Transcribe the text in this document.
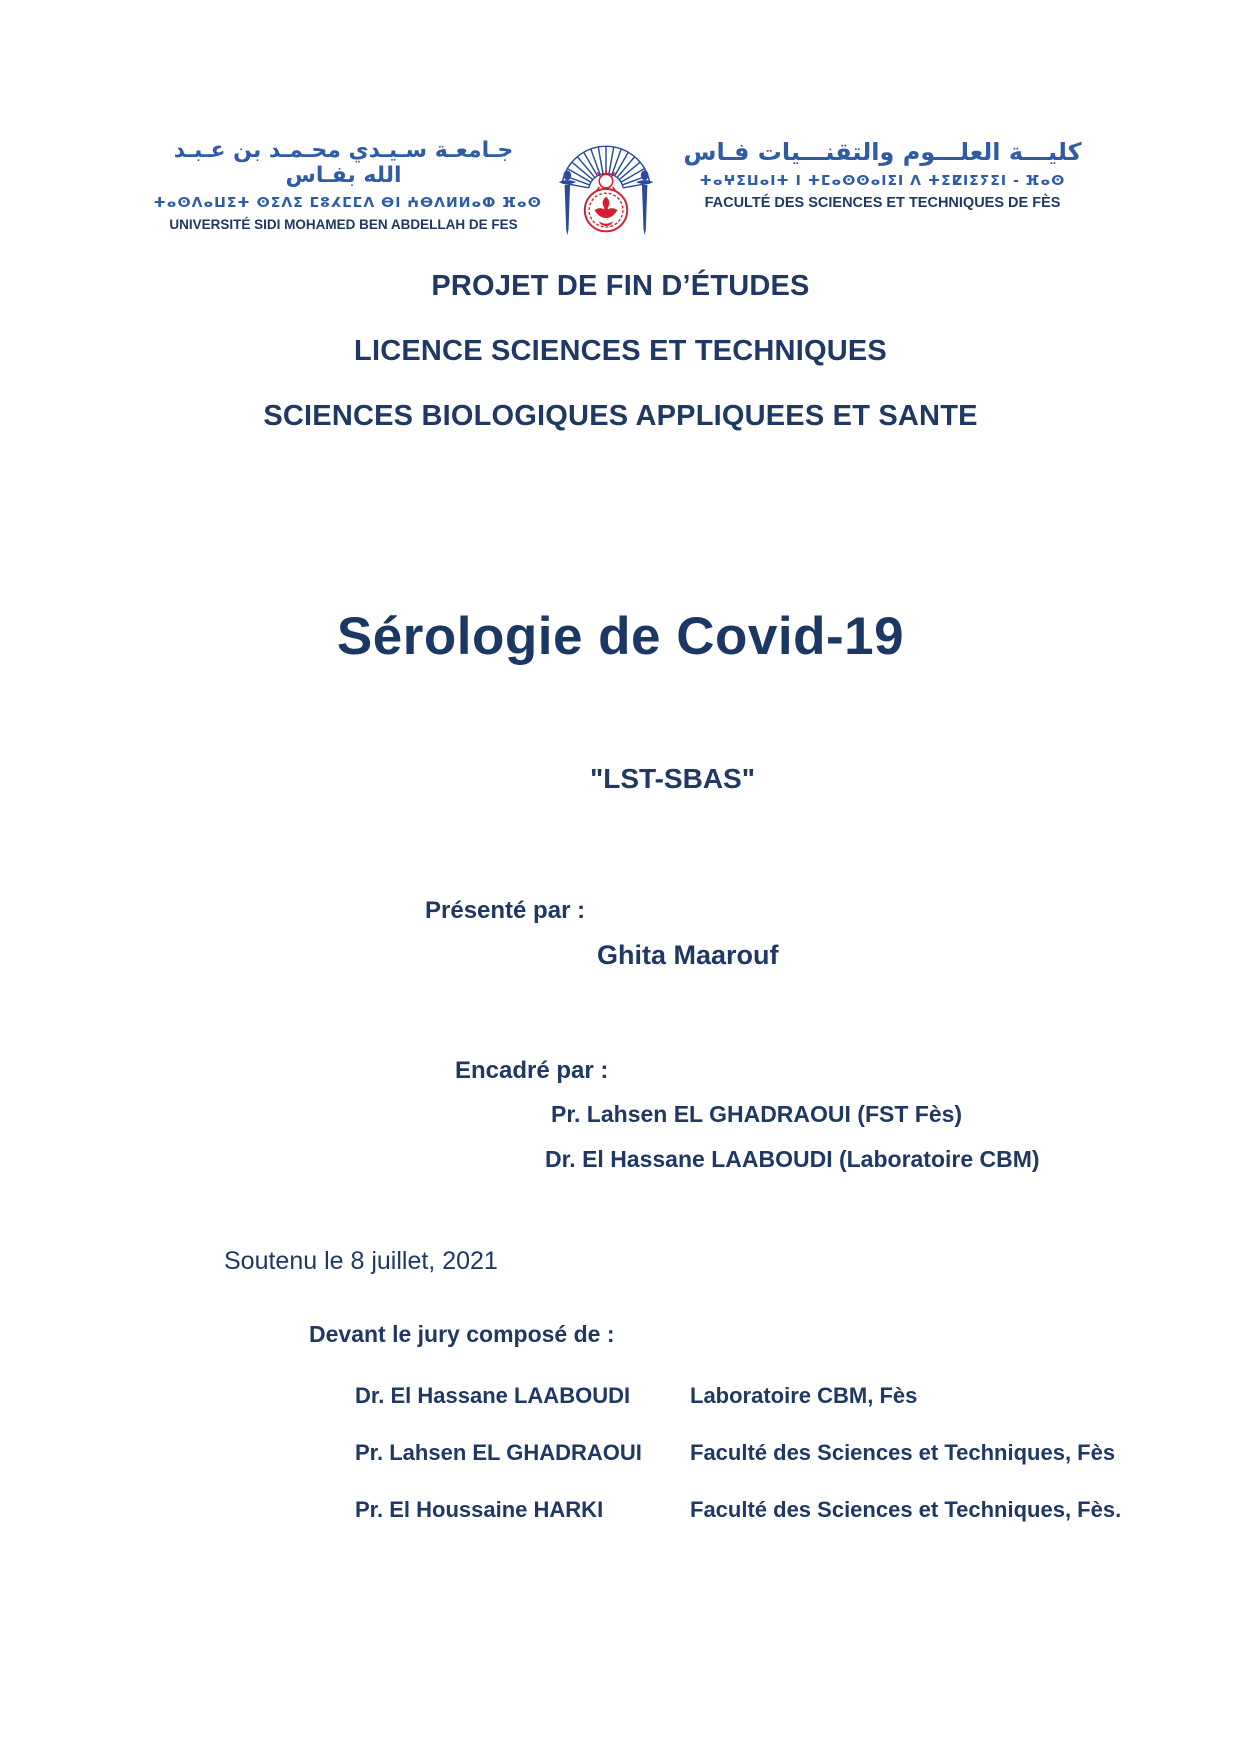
جـامعـة سـيـدي محـمـد بن عـبـد الله بفـاس
ⵜⴰⵙⴷⴰⵡⵉⵜ ⵙⵉⴷⵉ ⵎⵓⵃⵎⵎⴷ ⴱⵏ ⵄⴱⴷⵍⵍⴰⵀ ⴼⴰⵙ
UNIVERSITÉ SIDI MOHAMED BEN ABDELLAH DE FES
كليـــة العلـــوم والتقنـــيات فـاس
ⵜⴰⵖⵉⵡⴰⵏⵜ ⵏ ⵜⵎⴰⵙⵙⴰⵏⵉⵏ ⴷ ⵜⵉⵇⵏⵉⵢⵉⵏ - ⴼⴰⵙ
FACULTÉ DES SCIENCES ET TECHNIQUES DE FÈS
PROJET DE FIN D’ÉTUDES
LICENCE SCIENCES ET TECHNIQUES
SCIENCES BIOLOGIQUES APPLIQUEES ET SANTE
Sérologie de Covid-19
"LST-SBAS"
Présenté par :
Ghita Maarouf
Encadré par :
Pr. Lahsen EL GHADRAOUI (FST Fès)
Dr. El Hassane LAABOUDI (Laboratoire CBM)
Soutenu le 8 juillet, 2021
Devant le jury composé de :
Dr. El Hassane LAABOUDI	Laboratoire CBM, Fès
Pr. Lahsen EL GHADRAOUI	Faculté des Sciences et Techniques, Fès
Pr. El Houssaine HARKI	Faculté des Sciences et Techniques, Fès.
